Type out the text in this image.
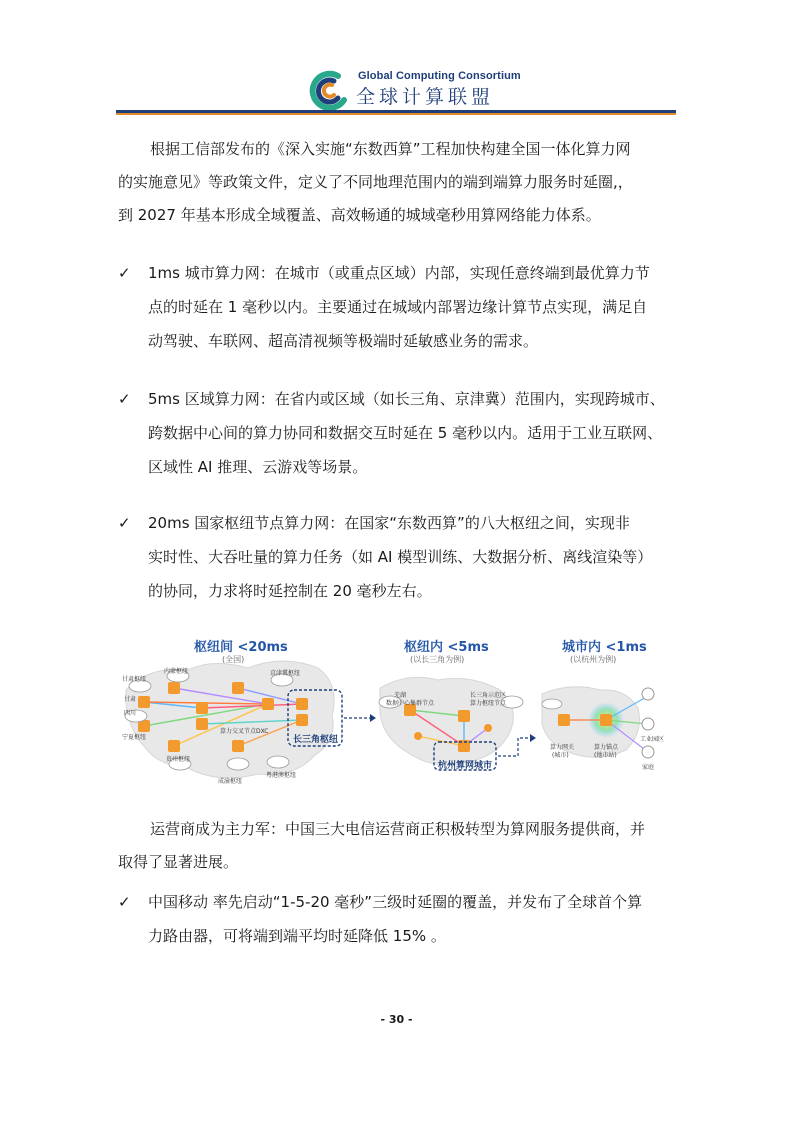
Global Computing Consortium
全球计算联盟
根据工信部发布的《深入实施“东数西算”工程加快构建全国一体化算力网
的实施意见》等政策文件，定义了不同地理范围内的端到端算力服务时延圈,，
到 2027 年基本形成全域覆盖、高效畅通的城域毫秒用算网络能力体系。
✓	1ms 城市算力网：在城市（或重点区域）内部，实现任意终端到最优算力节
点的时延在 1 毫秒以内。主要通过在城域内部署边缘计算节点实现，满足自
动驾驶、车联网、超高清视频等极端时延敏感业务的需求。
✓	5ms 区域算力网：在省内或区域（如长三角、京津冀）范围内，实现跨城市、
跨数据中心间的算力协同和数据交互时延在 5 毫秒以内。适用于工业互联网、
区域性 AI 推理、云游戏等场景。
✓	20ms 国家枢纽节点算力网：在国家“东数西算”的八大枢纽之间，实现非
实时性、大吞吐量的算力任务（如 AI 模型训练、大数据分析、离线渲染等）
的协同，力求将时延控制在 20 毫秒左右。
枢纽间 <20ms
(全国)
长三角枢纽
枢纽内 <5ms
(以长三角为例)
杭州算网城市
城市内 <1ms
(以杭州为例)
甘肃枢纽
内蒙枢纽	京津冀枢纽
贵州枢纽
宁夏枢纽
成渝枢纽
算力交叉节点DXC
粤港澳枢纽
四川
甘肃
芜湖
数据中心集群节点
长三角示范区
算力枢纽节点
算力网关	算力锚点
(城市)	(地市站)
工业园区
家庭
运营商成为主力军：中国三大电信运营商正积极转型为算网服务提供商，并
取得了显著进展。
✓	中国移动 率先启动“1-5-20 毫秒”三级时延圈的覆盖，并发布了全球首个算
力路由器，可将端到端平均时延降低 15% 。
- 30 -
